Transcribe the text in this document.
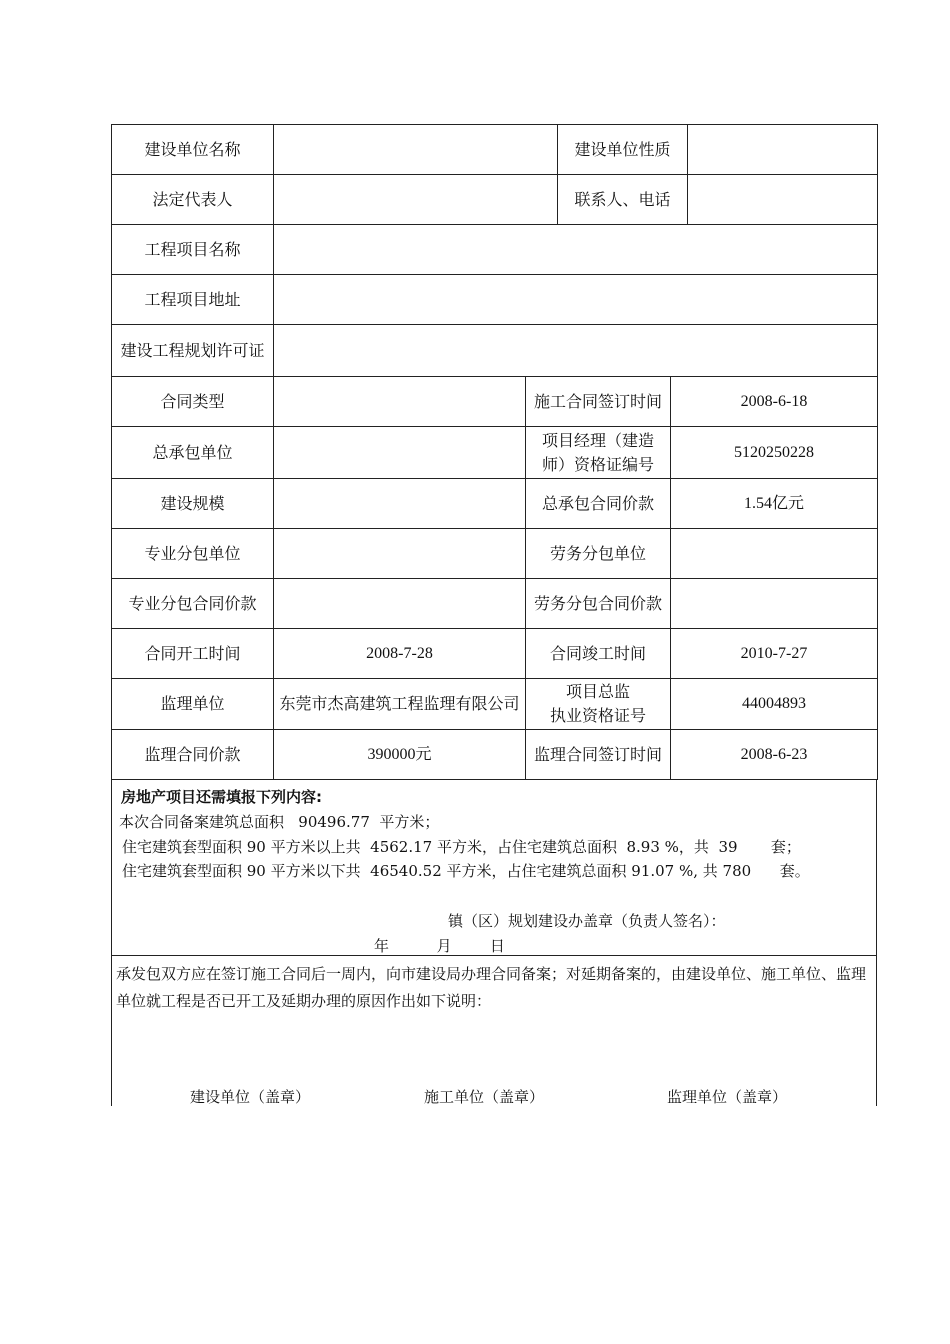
建设单位名称		建设单位性质	
法定代表人		联系人、电话	
工程项目名称			
工程项目地址			
建设工程规划许可证			
合同类型		施工合同签订时间	2008-6-18
总承包单位		项目经理（建造
师）资格证编号	5120250228
建设规模		总承包合同价款	1.54亿元
专业分包单位		劳务分包单位	
专业分包合同价款		劳务分包合同价款	
合同开工时间	2008-7-28	合同竣工时间	2010-7-27
监理单位	东莞市杰高建筑工程监理有限公司	项目总监
执业资格证号	44004893
监理合同价款	390000元	监理合同签订时间	2008-6-23
房地产项目还需填报下列内容:
本次合同备案建筑总面积   90496.77  平方米；
住宅建筑套型面积 90 平方米以上共  4562.17 平方米，占住宅建筑总面积  8.93 %，共  39       套；
住宅建筑套型面积 90 平方米以下共  46540.52 平方米，占住宅建筑总面积 91.07 %, 共 780      套。
镇（区）规划建设办盖章（负责人签名）：
年          月        日
承发包双方应在签订施工合同后一周内，向市建设局办理合同备案；对延期备案的，由建设单位、施工单位、监理单位就工程是否已开工及延期办理的原因作出如下说明：
建设单位（盖章）	施工单位（盖章）	监理单位（盖章）
